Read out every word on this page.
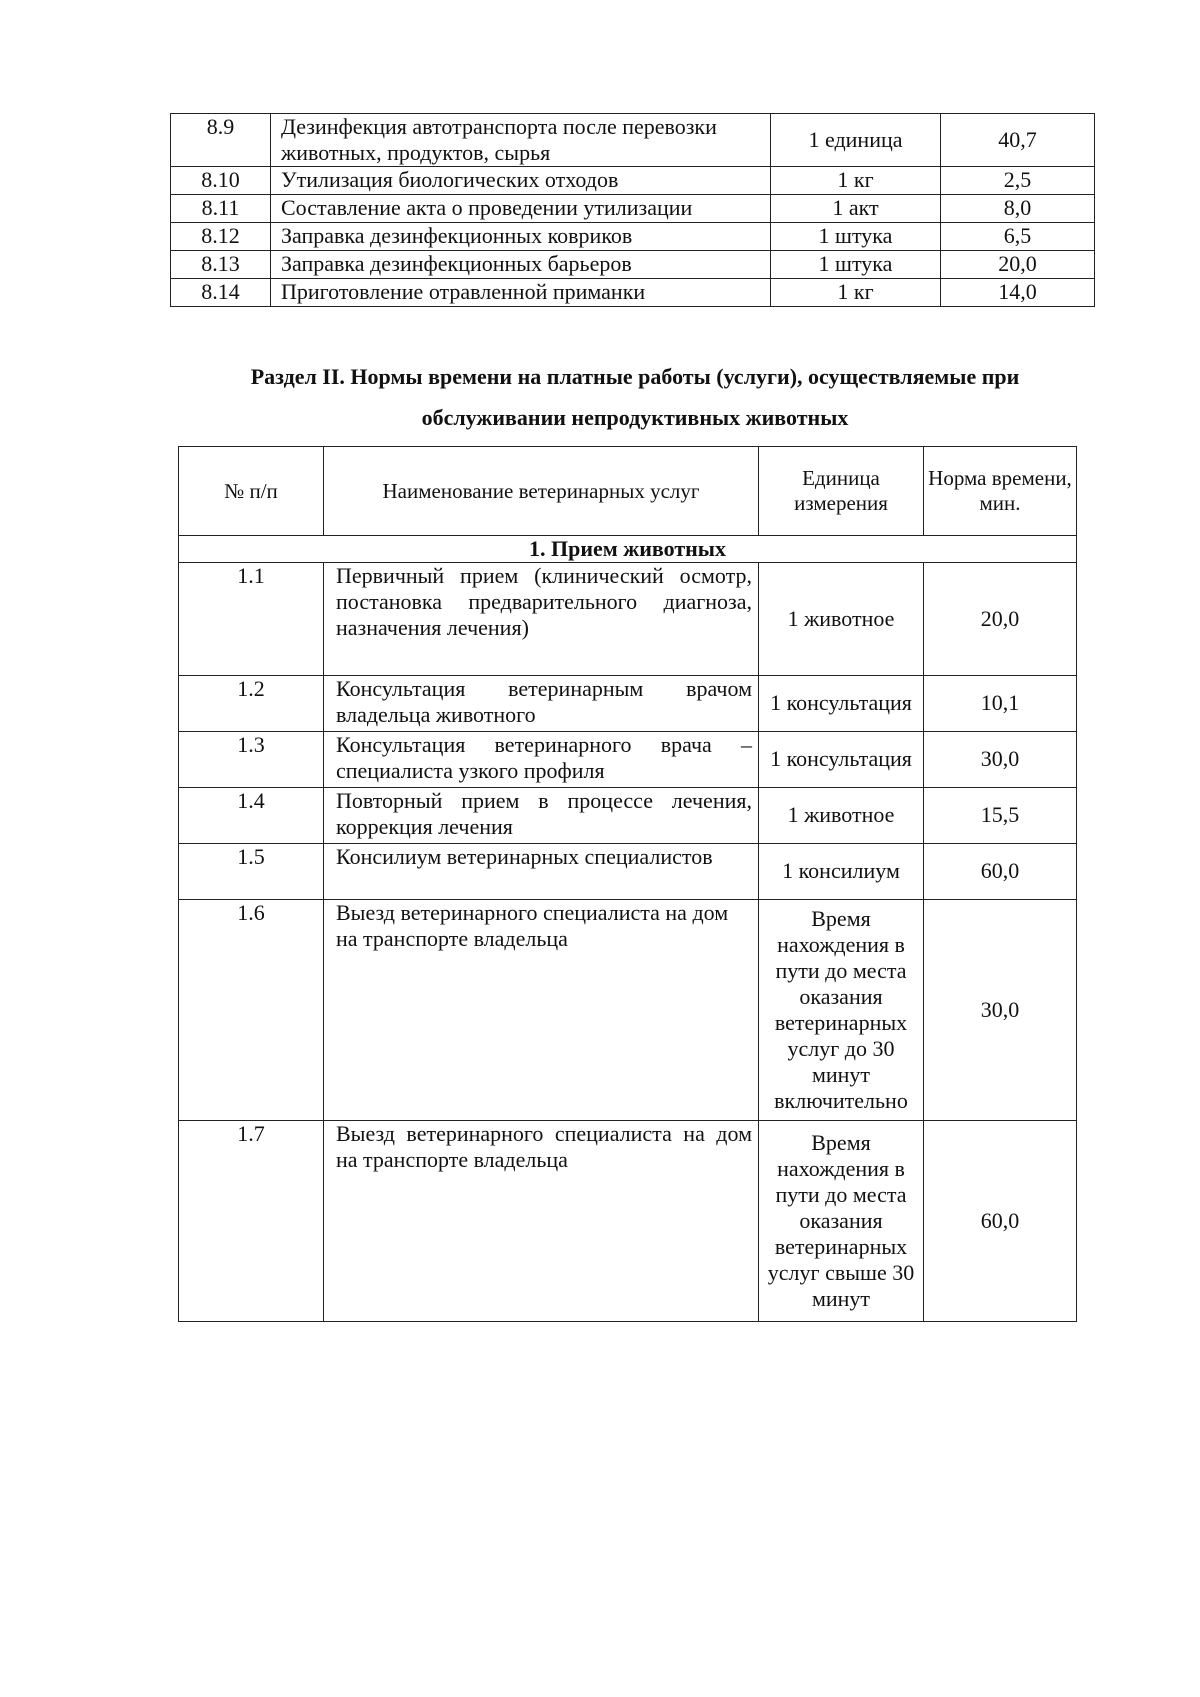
8.9	Дезинфекция автотранспорта после перевозки животных, продуктов, сырья	1 единица	40,7
8.10	Утилизация биологических отходов	1 кг	2,5
8.11	Составление акта о проведении утилизации	1 акт	8,0
8.12	Заправка дезинфекционных ковриков	1 штука	6,5
8.13	Заправка дезинфекционных барьеров	1 штука	20,0
8.14	Приготовление отравленной приманки	1 кг	14,0
Раздел II. Нормы времени на платные работы (услуги), осуществляемые при
обслуживании непродуктивных животных
№ п/п	Наименование ветеринарных услуг	Единица измерения	Норма времени, мин.
1. Прием животных			
1.1	Первичный прием (клинический осмотр, постановка предварительного диагноза, назначения лечения)	1 животное	20,0
1.2	Консультация ветеринарным врачом владельца животного	1 консультация	10,1
1.3	Консультация ветеринарного врача – специалиста узкого профиля	1 консультация	30,0
1.4	Повторный прием в процессе лечения, коррекция лечения	1 животное	15,5
1.5	Консилиум ветеринарных специалистов	1 консилиум	60,0
1.6	Выезд ветеринарного специалиста на дом на транспорте владельца	Время нахождения в пути до места оказания ветеринарных услуг до 30 минут включительно	30,0
1.7	Выезд ветеринарного специалиста на дом на транспорте владельца	Время нахождения в пути до места оказания ветеринарных услуг свыше 30 минут	60,0
